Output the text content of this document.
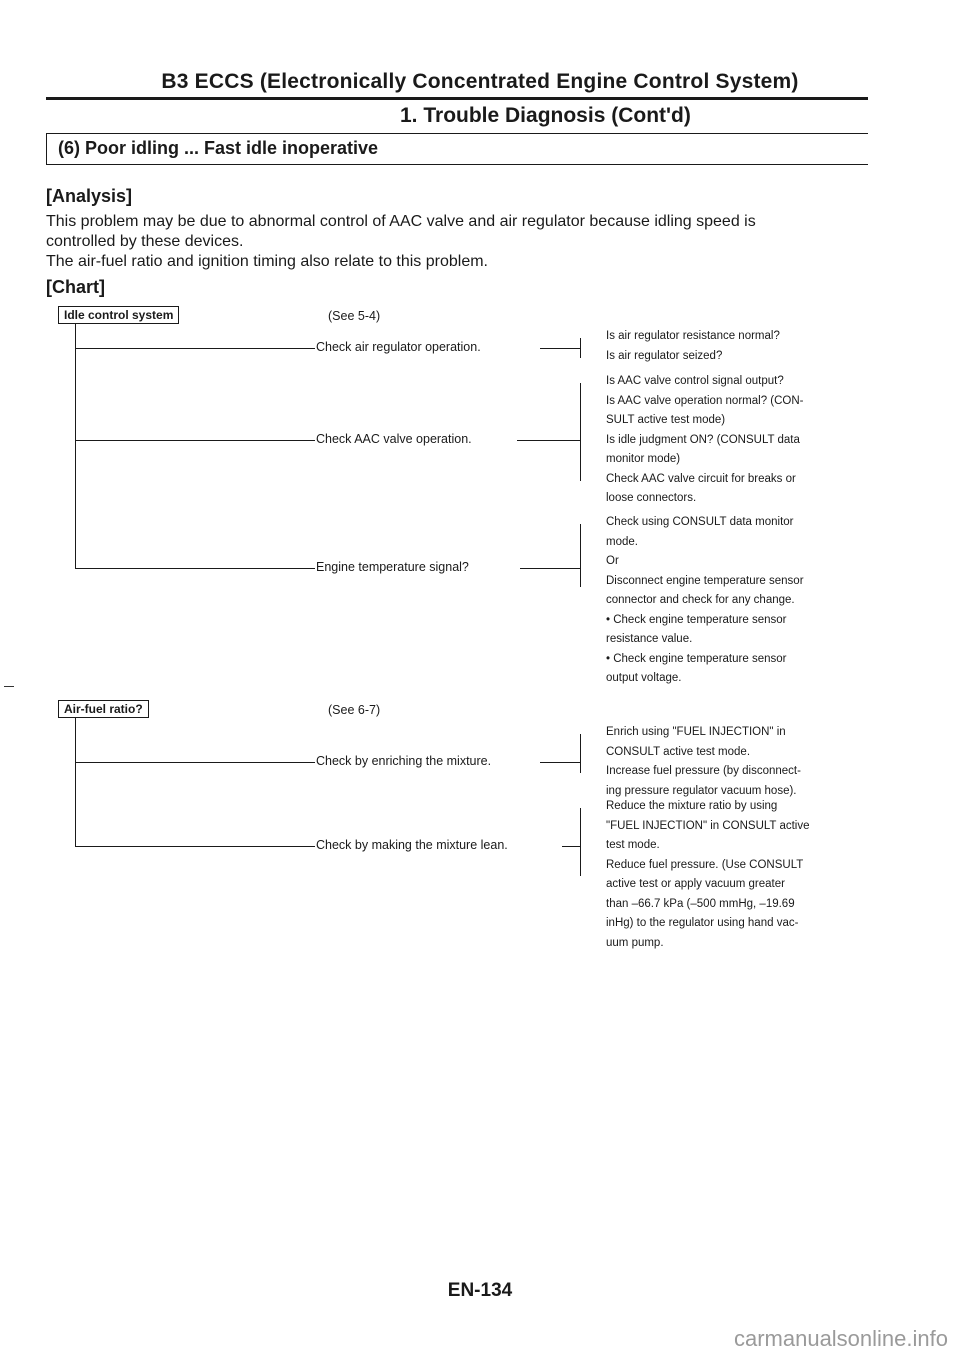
B3 ECCS (Electronically Concentrated Engine Control System)
1. Trouble Diagnosis (Cont'd)
(6) Poor idling ... Fast idle inoperative
[Analysis]

This problem may be due to abnormal control of AAC valve and air regulator because idling speed is

controlled by these devices.

The air-fuel ratio and ignition timing also relate to this problem.

[Chart]
Idle control system	(See 5-4)
Check air regulator operation.

Is air regulator resistance normal?

Is air regulator seized?

Check AAC valve operation.

Is AAC valve control signal output?

Is AAC valve operation normal? (CON-

SULT active test mode)

Is idle judgment ON? (CONSULT data

monitor mode)

Check AAC valve circuit for breaks or

loose connectors.

Engine temperature signal?

Check using CONSULT data monitor

mode.

Or

Disconnect engine temperature sensor

connector and check for any change.

• Check engine temperature sensor

resistance value.

• Check engine temperature sensor

output voltage.

Air-fuel ratio?	(See 6-7)
Check by enriching the mixture.

Enrich using "FUEL INJECTION" in

CONSULT active test mode.

Increase fuel pressure (by disconnect-

ing pressure regulator vacuum hose).

Check by making the mixture lean.

Reduce the mixture ratio by using

"FUEL INJECTION" in CONSULT active

test mode.

Reduce fuel pressure. (Use CONSULT

active test or apply vacuum greater

than –66.7 kPa (–500 mmHg, –19.69

inHg) to the regulator using hand vac-

uum pump.

EN-134
carmanualsonline.info
